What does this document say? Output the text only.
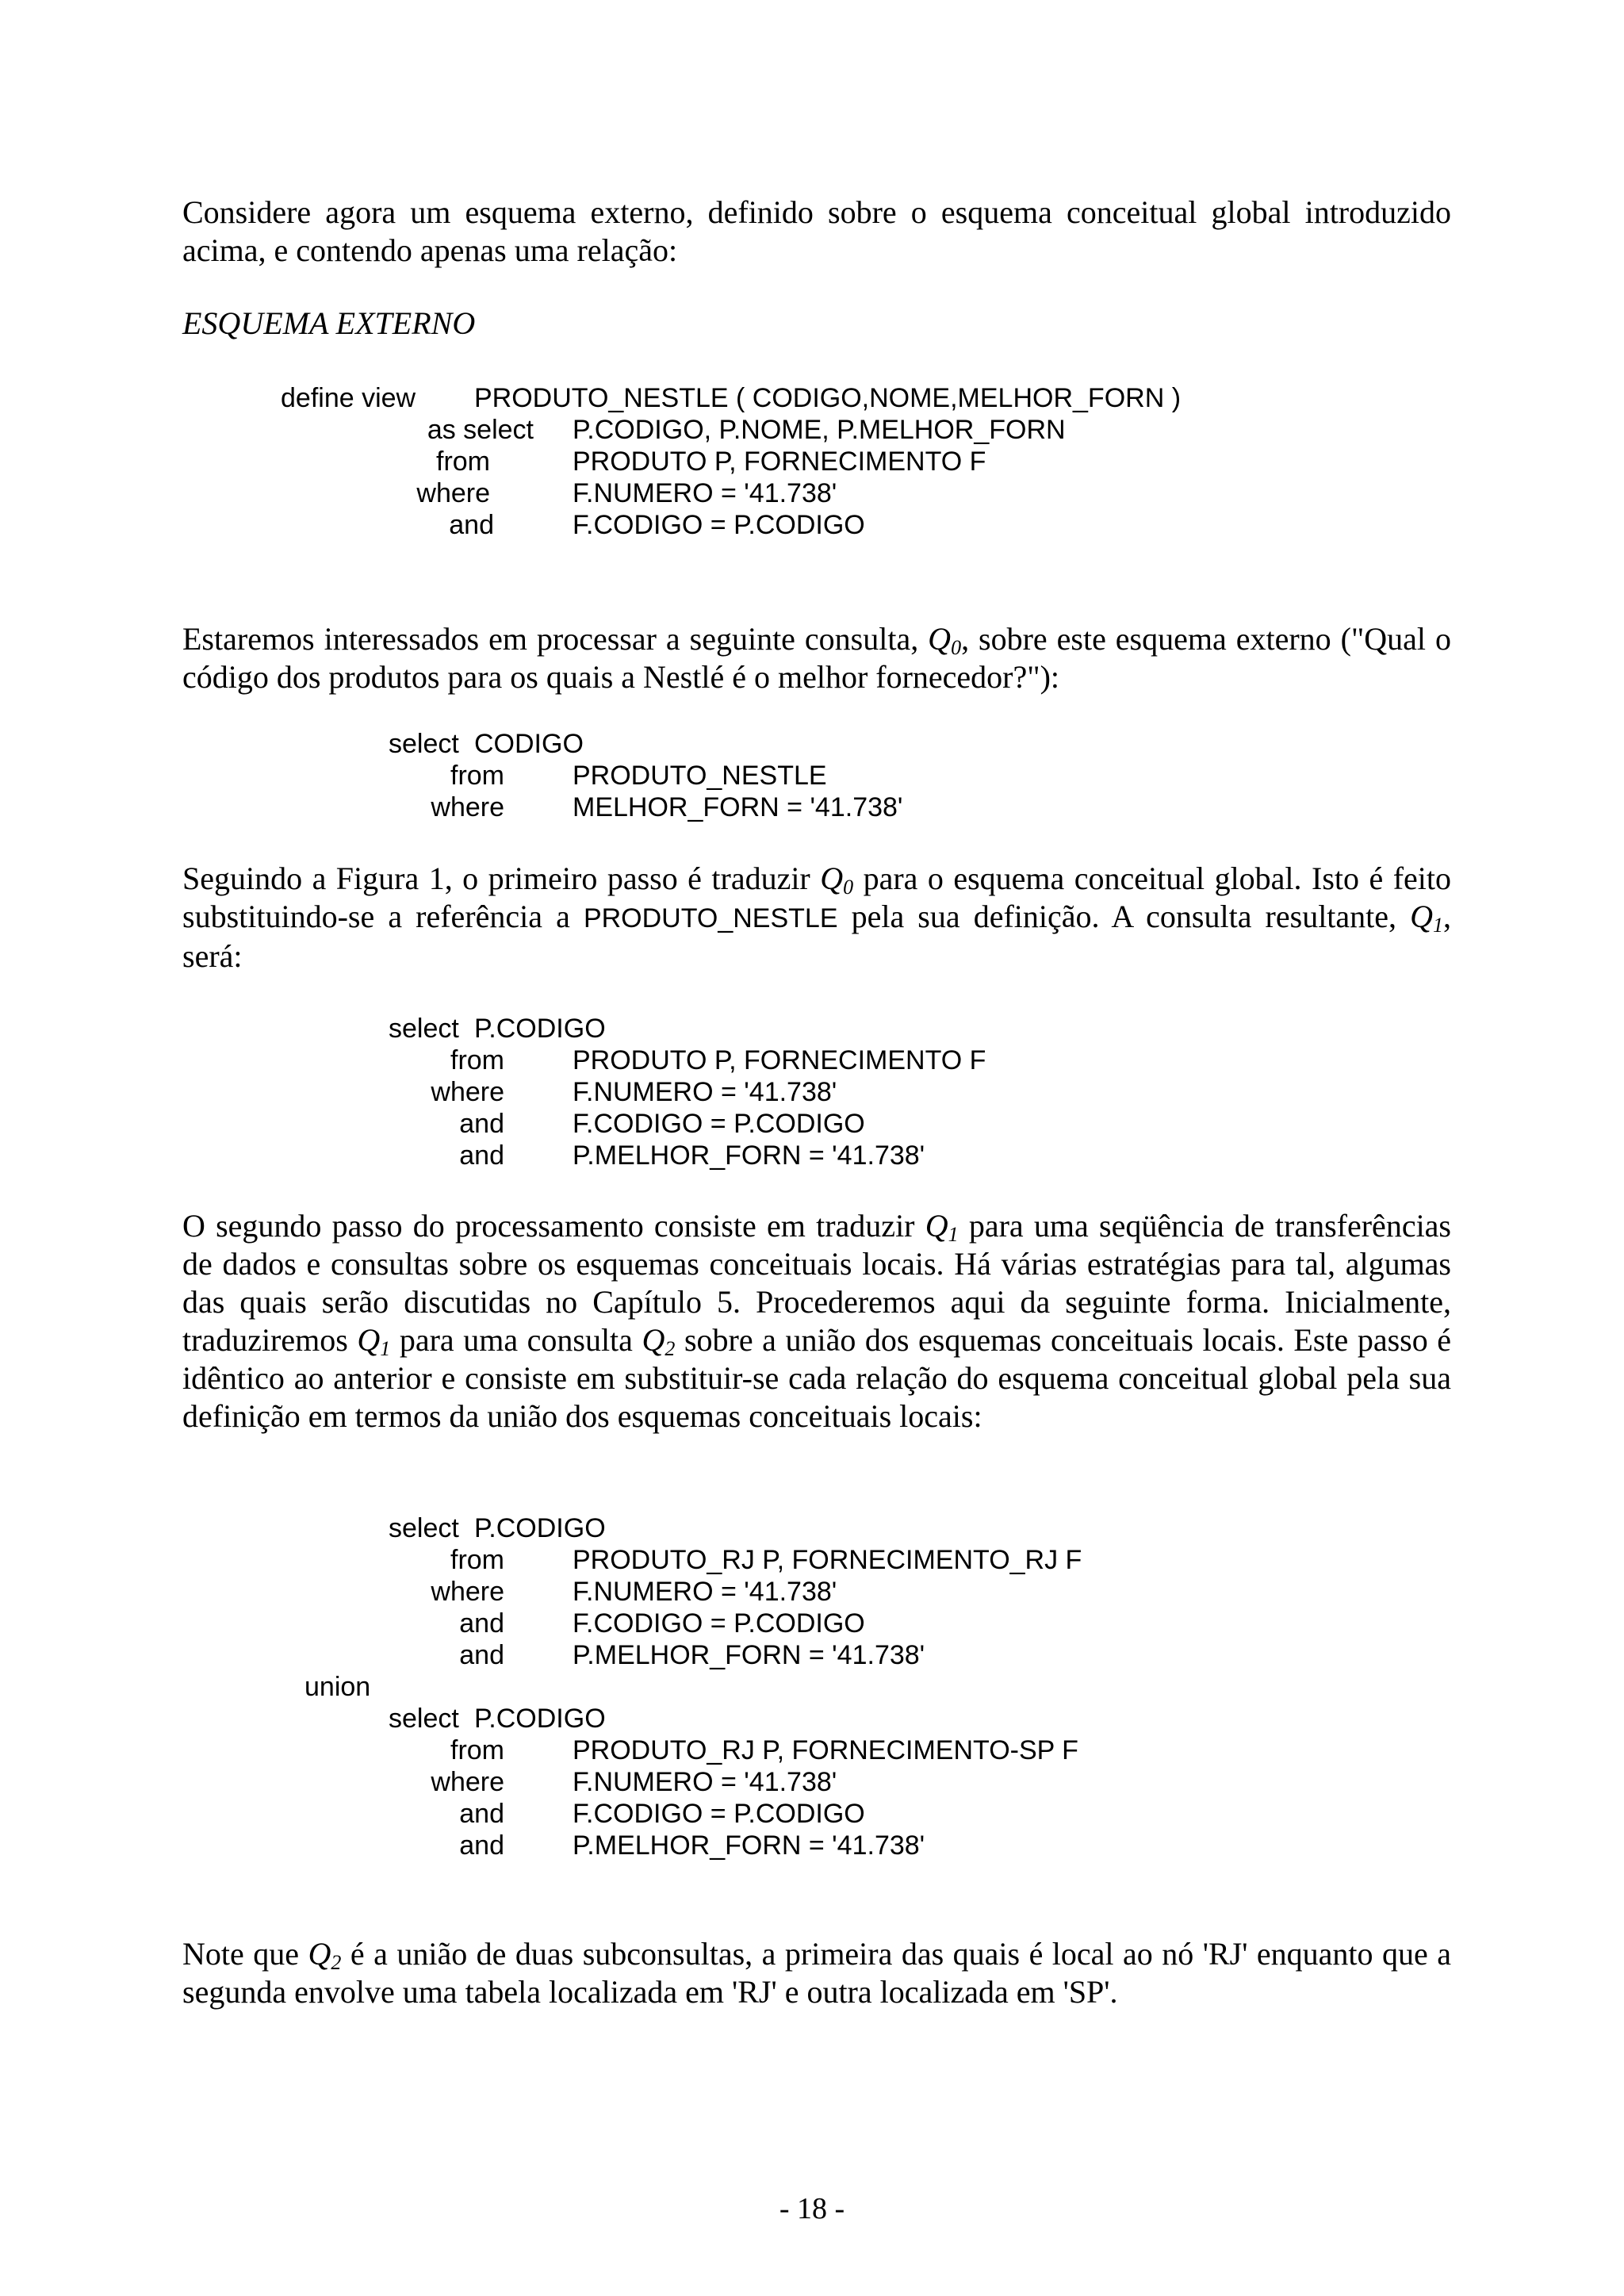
Considere agora um esquema externo, definido sobre o esquema conceitual global introduzido acima, e contendo apenas uma relação:

ESQUEMA EXTERNO

define view PRODUTO_NESTLE ( CODIGO,NOME,MELHOR_FORN )
as select P.CODIGO, P.NOME, P.MELHOR_FORN
from	PRODUTO P, FORNECIMENTO F
where	F.NUMERO = '41.738'
and	F.CODIGO = P.CODIGO

Estaremos interessados em processar a seguinte consulta, $Q_0$, sobre este esquema externo ("Qual o código dos produtos para os quais a Nestlé é o melhor fornecedor?"):

select CODIGO
from	PRODUTO_NESTLE
where	MELHOR_FORN = '41.738'

Seguindo a Figura 1, o primeiro passo é traduzir $Q_0$ para o esquema conceitual global. Isto é feito substituindo-se a referência a PRODUTO_NESTLE pela sua definição. A consulta resultante, $Q_1$, será:

select P.CODIGO
from	PRODUTO P, FORNECIMENTO F
where	F.NUMERO = '41.738'
and	F.CODIGO = P.CODIGO
and	P.MELHOR_FORN = '41.738'

O segundo passo do processamento consiste em traduzir $Q_1$ para uma seqüência de transferências de dados e consultas sobre os esquemas conceituais locais. Há várias estratégias para tal, algumas das quais serão discutidas no Capítulo 5. Procederemos aqui da seguinte forma. Inicialmente, traduziremos $Q_1$ para uma consulta $Q_2$ sobre a união dos esquemas conceituais locais. Este passo é idêntico ao anterior e consiste em substituir-se cada relação do esquema conceitual global pela sua definição em termos da união dos esquemas conceituais locais:

select P.CODIGO
from	PRODUTO_RJ P, FORNECIMENTO_RJ F
where	F.NUMERO = '41.738'
and	F.CODIGO = P.CODIGO
and	P.MELHOR_FORN = '41.738'
union
select P.CODIGO
from	PRODUTO_RJ P, FORNECIMENTO-SP F
where	F.NUMERO = '41.738'
and	F.CODIGO = P.CODIGO
and	P.MELHOR_FORN = '41.738'

Note que $Q_2$ é a união de duas subconsultas, a primeira das quais é local ao nó 'RJ' enquanto que a segunda envolve uma tabela localizada em 'RJ' e outra localizada em 'SP'.

- 18 -
